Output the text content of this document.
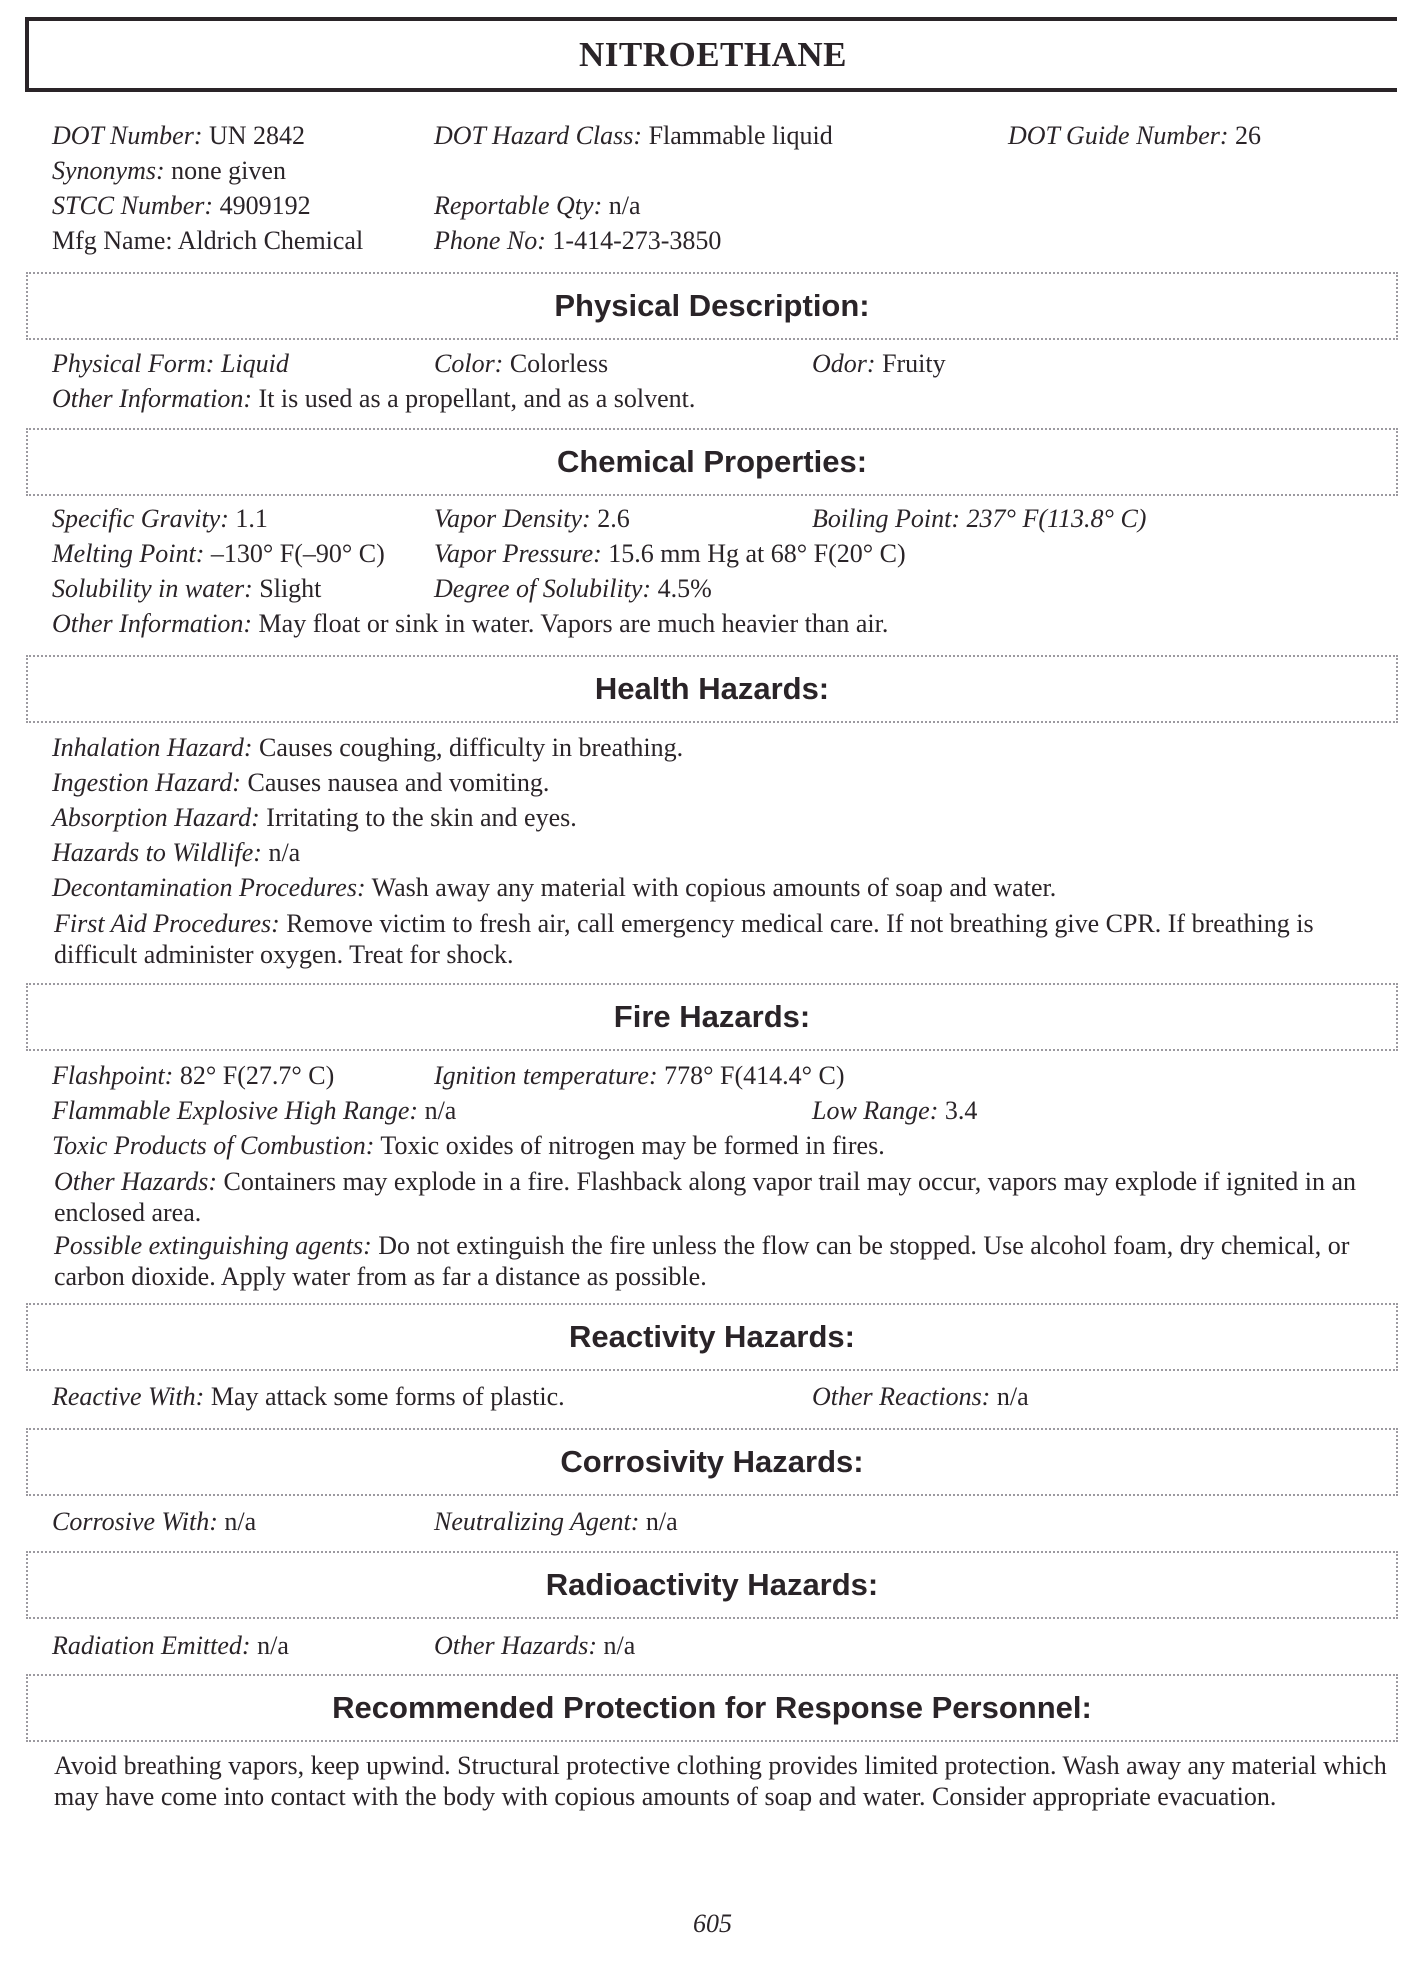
NITROETHANE
DOT Number: UN 2842	DOT Hazard Class: Flammable liquid	DOT Guide Number: 26
Synonyms: none given
STCC Number: 4909192	Reportable Qty: n/a
Mfg Name: Aldrich Chemical	Phone No: 1-414-273-3850
Physical Description:
Physical Form: Liquid	Color: Colorless	Odor: Fruity
Other Information: It is used as a propellant, and as a solvent.
Chemical Properties:
Specific Gravity: 1.1	Vapor Density: 2.6	Boiling Point: 237° F(113.8° C)
Melting Point: –130° F(–90° C) Vapor Pressure: 15.6 mm Hg at 68° F(20° C)
Solubility in water: Slight	Degree of Solubility: 4.5%
Other Information: May float or sink in water. Vapors are much heavier than air.
Health Hazards:
Inhalation Hazard: Causes coughing, difficulty in breathing.
Ingestion Hazard: Causes nausea and vomiting.
Absorption Hazard: Irritating to the skin and eyes.
Hazards to Wildlife: n/a
Decontamination Procedures: Wash away any material with copious amounts of soap and water.
First Aid Procedures: Remove victim to fresh air, call emergency medical care. If not breathing give CPR. If breathing is difficult administer oxygen. Treat for shock.
Fire Hazards:
Flashpoint: 82° F(27.7° C)	Ignition temperature: 778° F(414.4° C)
Flammable Explosive High Range: n/a	Low Range: 3.4
Toxic Products of Combustion: Toxic oxides of nitrogen may be formed in fires.
Other Hazards: Containers may explode in a fire. Flashback along vapor trail may occur, vapors may explode if ignited in an enclosed area.
Possible extinguishing agents: Do not extinguish the fire unless the flow can be stopped. Use alcohol foam, dry chemical, or carbon dioxide. Apply water from as far a distance as possible.
Reactivity Hazards:
Reactive With: May attack some forms of plastic.	Other Reactions: n/a
Corrosivity Hazards:
Corrosive With: n/a	Neutralizing Agent: n/a
Radioactivity Hazards:
Radiation Emitted: n/a	Other Hazards: n/a
Recommended Protection for Response Personnel:
Avoid breathing vapors, keep upwind. Structural protective clothing provides limited protection. Wash away any material which may have come into contact with the body with copious amounts of soap and water. Consider appropriate evacuation.
605
